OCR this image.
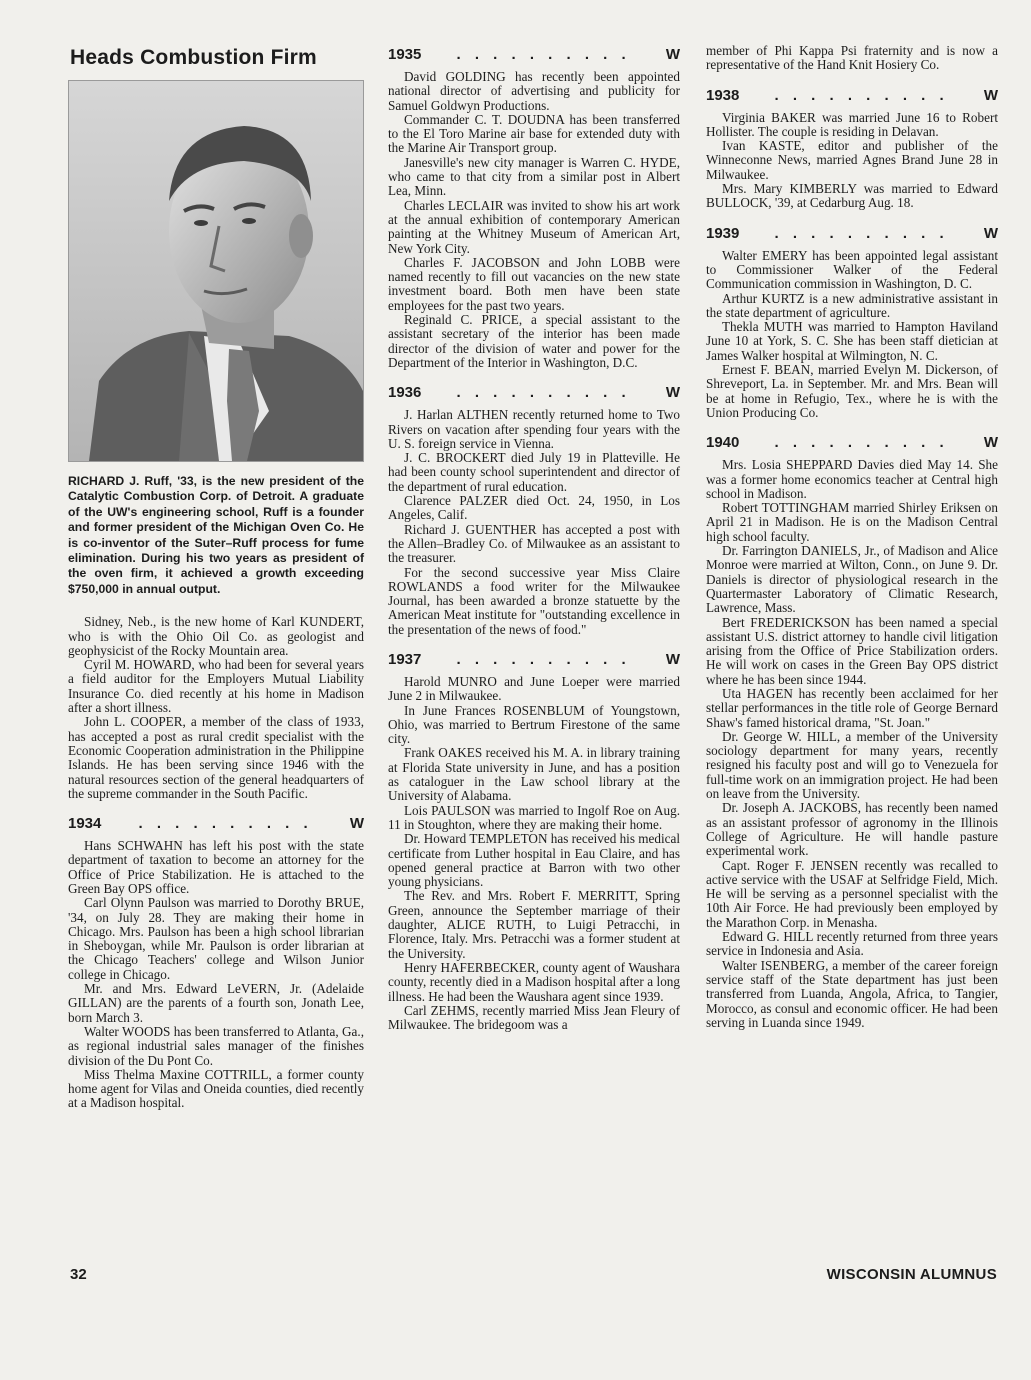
Heads Combustion Firm
RICHARD J. Ruff, '33, is the new president of the Catalytic Combustion Corp. of Detroit. A graduate of the UW's engineering school, Ruff is a founder and former president of the Michigan Oven Co. He is co-inventor of the Suter–Ruff process for fume elimination. During his two years as president of the oven firm, it achieved a growth exceeding $750,000 in annual output.

Sidney, Neb., is the new home of Karl KUNDERT, who is with the Ohio Oil Co. as geologist and geophysicist of the Rocky Mountain area.

Cyril M. HOWARD, who had been for several years a field auditor for the Employers Mutual Liability Insurance Co. died recently at his home in Madison after a short illness.

John L. COOPER, a member of the class of 1933, has accepted a post as rural credit specialist with the Economic Cooperation administration in the Philippine Islands. He has been serving since 1946 with the natural resources section of the general headquarters of the supreme commander in the South Pacific.

1934	. . . . . . . . . .	W

Hans SCHWAHN has left his post with the state department of taxation to become an attorney for the Office of Price Stabilization. He is attached to the Green Bay OPS office.

Carl Olynn Paulson was married to Dorothy BRUE, '34, on July 28. They are making their home in Chicago. Mrs. Paulson has been a high school librarian in Sheboygan, while Mr. Paulson is order librarian at the Chicago Teachers' college and Wilson Junior college in Chicago.

Mr. and Mrs. Edward LeVERN, Jr. (Adelaide GILLAN) are the parents of a fourth son, Jonath Lee, born March 3.

Walter WOODS has been transferred to Atlanta, Ga., as regional industrial sales manager of the finishes division of the Du Pont Co.

Miss Thelma Maxine COTTRILL, a former county home agent for Vilas and Oneida counties, died recently at a Madison hospital.

1935	. . . . . . . . . .	W

David GOLDING has recently been appointed national director of advertising and publicity for Samuel Goldwyn Productions.

Commander C. T. DOUDNA has been transferred to the El Toro Marine air base for extended duty with the Marine Air Transport group.

Janesville's new city manager is Warren C. HYDE, who came to that city from a similar post in Albert Lea, Minn.

Charles LECLAIR was invited to show his art work at the annual exhibition of contemporary American painting at the Whitney Museum of American Art, New York City.

Charles F. JACOBSON and John LOBB were named recently to fill out vacancies on the new state investment board. Both men have been state employees for the past two years.

Reginald C. PRICE, a special assistant to the assistant secretary of the interior has been made director of the division of water and power for the Department of the Interior in Washington, D.C.

1936	. . . . . . . . . .	W

J. Harlan ALTHEN recently returned home to Two Rivers on vacation after spending four years with the U. S. foreign service in Vienna.

J. C. BROCKERT died July 19 in Platteville. He had been county school superintendent and director of the department of rural education.

Clarence PALZER died Oct. 24, 1950, in Los Angeles, Calif.

Richard J. GUENTHER has accepted a post with the Allen–Bradley Co. of Milwaukee as an assistant to the treasurer.

For the second successive year Miss Claire ROWLANDS a food writer for the Milwaukee Journal, has been awarded a bronze statuette by the American Meat institute for "outstanding excellence in the presentation of the news of food."

1937	. . . . . . . . . .	W

Harold MUNRO and June Loeper were married June 2 in Milwaukee.

In June Frances ROSENBLUM of Youngstown, Ohio, was married to Bertrum Firestone of the same city.

Frank OAKES received his M. A. in library training at Florida State university in June, and has a position as cataloguer in the Law school library at the University of Alabama.

Lois PAULSON was married to Ingolf Roe on Aug. 11 in Stoughton, where they are making their home.

Dr. Howard TEMPLETON has received his medical certificate from Luther hospital in Eau Claire, and has opened general practice at Barron with two other young physicians.

The Rev. and Mrs. Robert F. MERRITT, Spring Green, announce the September marriage of their daughter, ALICE RUTH, to Luigi Petracchi, in Florence, Italy. Mrs. Petracchi was a former student at the University.

Henry HAFERBECKER, county agent of Waushara county, recently died in a Madison hospital after a long illness. He had been the Waushara agent since 1939.

Carl ZEHMS, recently married Miss Jean Fleury of Milwaukee. The bridegoom was a

member of Phi Kappa Psi fraternity and is now a representative of the Hand Knit Hosiery Co.

1938	. . . . . . . . . .	W

Virginia BAKER was married June 16 to Robert Hollister. The couple is residing in Delavan.

Ivan KASTE, editor and publisher of the Winneconne News, married Agnes Brand June 28 in Milwaukee.

Mrs. Mary KIMBERLY was married to Edward BULLOCK, '39, at Cedarburg Aug. 18.

1939	. . . . . . . . . .	W

Walter EMERY has been appointed legal assistant to Commissioner Walker of the Federal Communication commission in Washington, D. C.

Arthur KURTZ is a new administrative assistant in the state department of agriculture.

Thekla MUTH was married to Hampton Haviland June 10 at York, S. C. She has been staff dietician at James Walker hospital at Wilmington, N. C.

Ernest F. BEAN, married Evelyn M. Dickerson, of Shreveport, La. in September. Mr. and Mrs. Bean will be at home in Refugio, Tex., where he is with the Union Producing Co.

1940	. . . . . . . . . .	W

Mrs. Losia SHEPPARD Davies died May 14. She was a former home economics teacher at Central high school in Madison.

Robert TOTTINGHAM married Shirley Eriksen on April 21 in Madison. He is on the Madison Central high school faculty.

Dr. Farrington DANIELS, Jr., of Madison and Alice Monroe were married at Wilton, Conn., on June 9. Dr. Daniels is director of physiological research in the Quartermaster Laboratory of Climatic Research, Lawrence, Mass.

Bert FREDERICKSON has been named a special assistant U.S. district attorney to handle civil litigation arising from the Office of Price Stabilization orders. He will work on cases in the Green Bay OPS district where he has been since 1944.

Uta HAGEN has recently been acclaimed for her stellar performances in the title role of George Bernard Shaw's famed historical drama, "St. Joan."

Dr. George W. HILL, a member of the University sociology department for many years, recently resigned his faculty post and will go to Venezuela for full-time work on an immigration project. He had been on leave from the University.

Dr. Joseph A. JACKOBS, has recently been named as an assistant professor of agronomy in the Illinois College of Agriculture. He will handle pasture experimental work.

Capt. Roger F. JENSEN recently was recalled to active service with the USAF at Selfridge Field, Mich. He will be serving as a personnel specialist with the 10th Air Force. He had previously been employed by the Marathon Corp. in Menasha.

Edward G. HILL recently returned from three years service in Indonesia and Asia.

Walter ISENBERG, a member of the career foreign service staff of the State department has just been transferred from Luanda, Angola, Africa, to Tangier, Morocco, as consul and economic officer. He had been serving in Luanda since 1949.

32	WISCONSIN ALUMNUS
